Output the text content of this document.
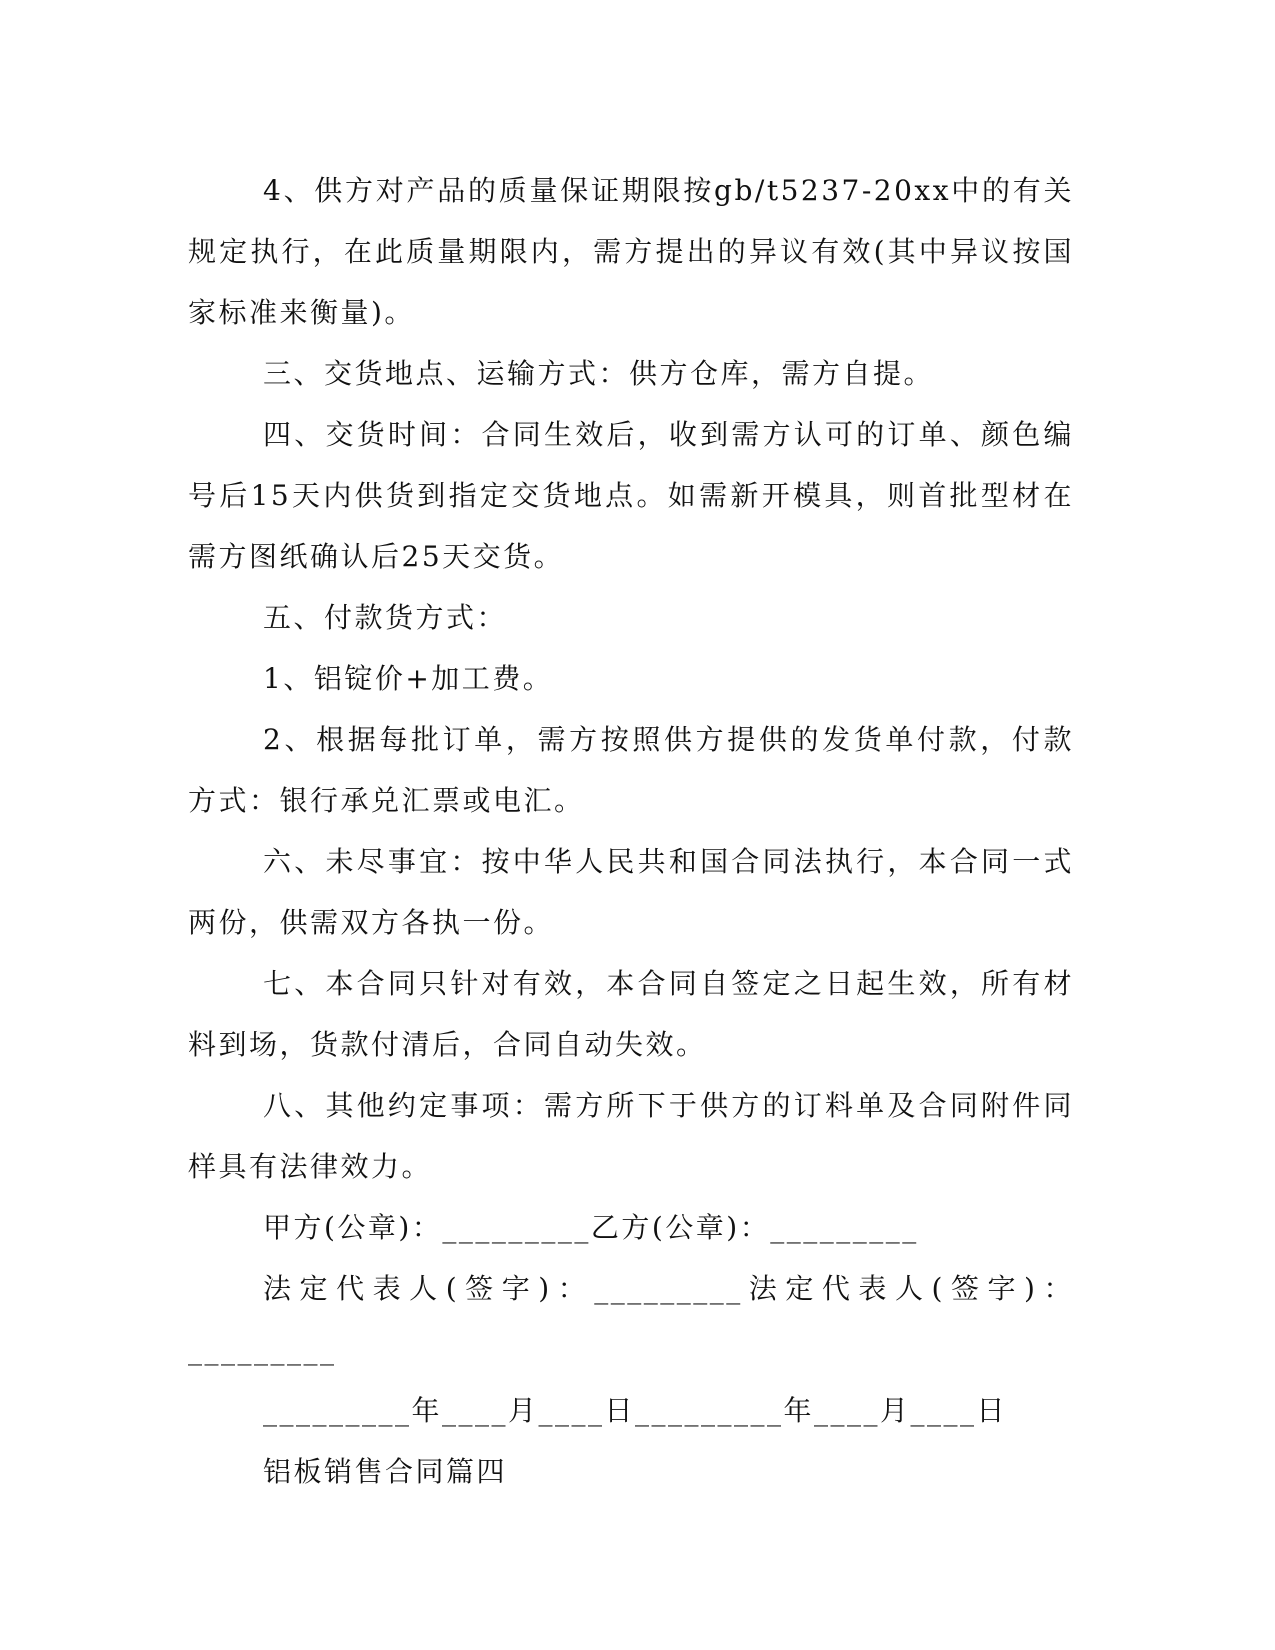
4、供方对产品的质量保证期限按gb/t5237-20xx中的有关规定执行，在此质量期限内，需方提出的异议有效(其中异议按国家标准来衡量)。

三、交货地点、运输方式：供方仓库，需方自提。

四、交货时间：合同生效后，收到需方认可的订单、颜色编号后15天内供货到指定交货地点。如需新开模具，则首批型材在需方图纸确认后25天交货。

五、付款货方式：

1、铝锭价+加工费。

2、根据每批订单，需方按照供方提供的发货单付款，付款方式：银行承兑汇票或电汇。

六、未尽事宜：按中华人民共和国合同法执行，本合同一式两份，供需双方各执一份。

七、本合同只针对有效，本合同自签定之日起生效，所有材料到场，货款付清后，合同自动失效。

八、其他约定事项：需方所下于供方的订料单及合同附件同样具有法律效力。

甲方(公章)：_________乙方(公章)：_________

法定代表人(签字)：_________法定代表人(签字)：_________

_________年____月____日_________年____月____日

铝板销售合同篇四
